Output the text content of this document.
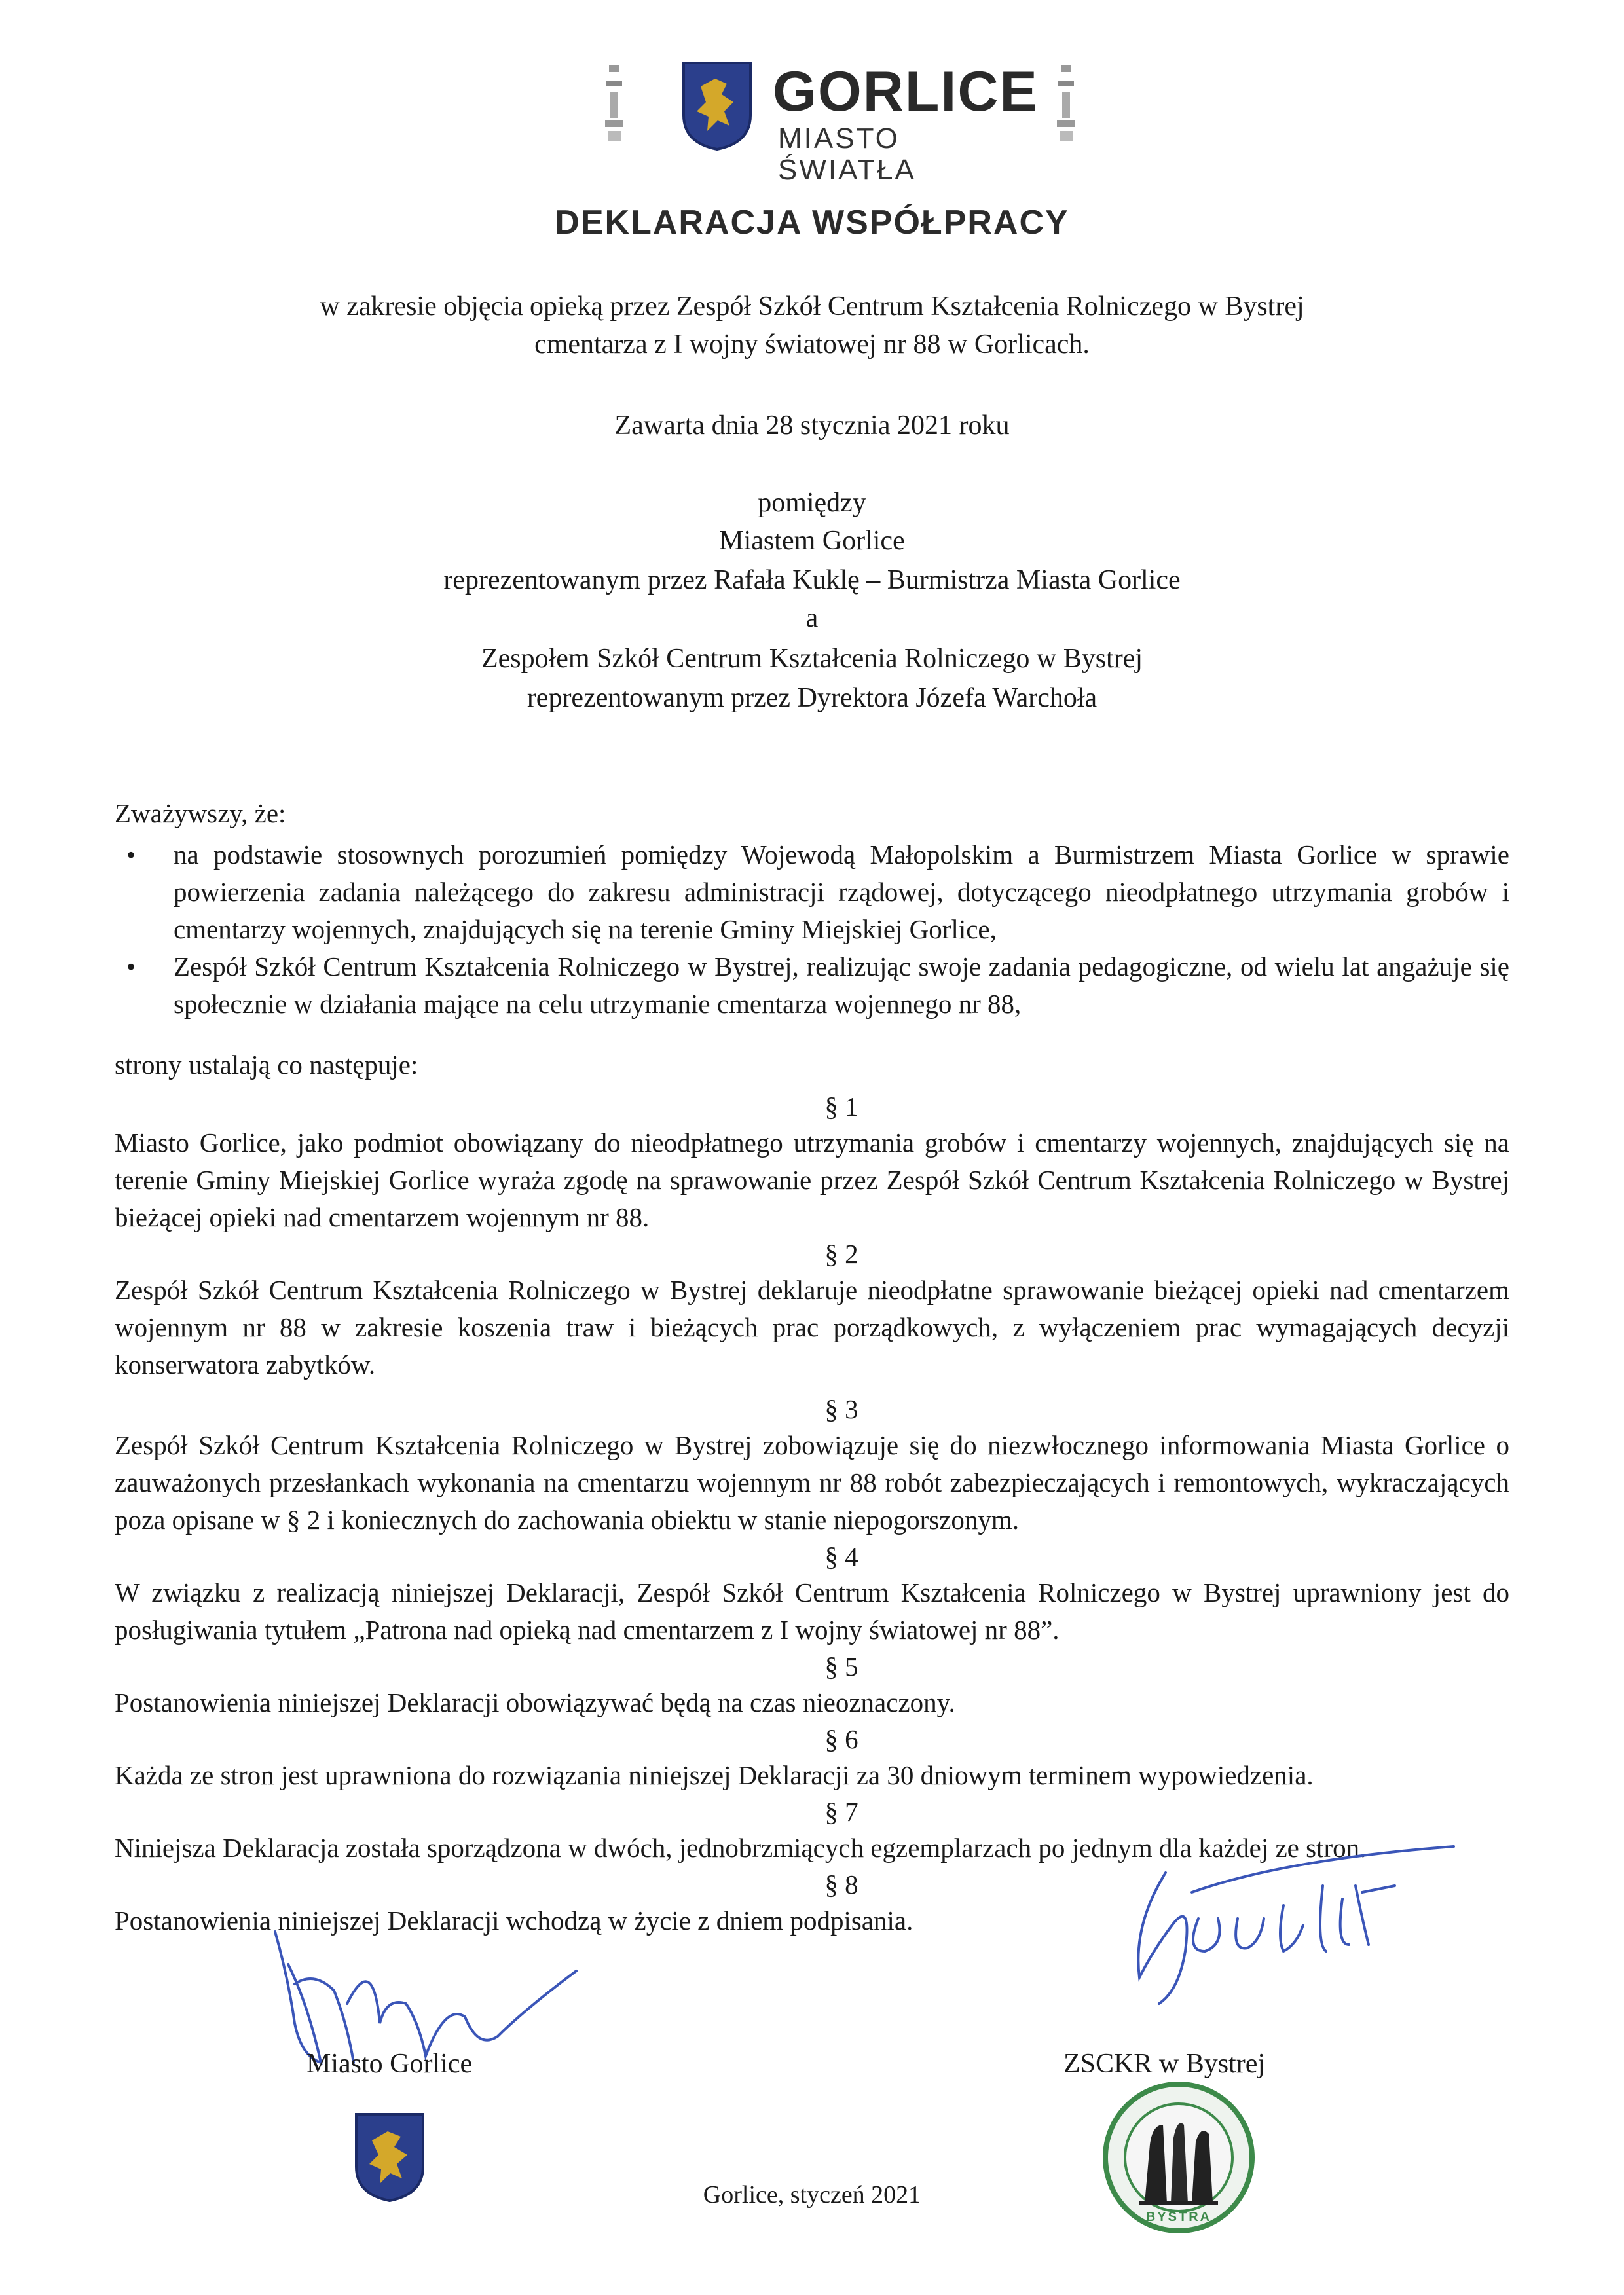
GORLICE
MIASTO ŚWIATŁA
DEKLARACJA WSPÓŁPRACY
w zakresie objęcia opieką przez Zespół Szkół Centrum Kształcenia Rolniczego w Bystrej
cmentarza z I wojny światowej nr 88 w Gorlicach.
Zawarta dnia 28 stycznia 2021 roku
pomiędzy
Miastem Gorlice
reprezentowanym przez Rafała Kuklę – Burmistrza Miasta Gorlice
a
Zespołem Szkół Centrum Kształcenia Rolniczego w Bystrej
reprezentowanym przez Dyrektora Józefa Warchoła
Zważywszy, że:
• na podstawie stosownych porozumień pomiędzy Wojewodą Małopolskim a Burmistrzem Miasta Gorlice w sprawie powierzenia zadania należącego do zakresu administracji rządowej, dotyczącego nieodpłatnego utrzymania grobów i cmentarzy wojennych, znajdujących się na terenie Gminy Miejskiej Gorlice,
• Zespół Szkół Centrum Kształcenia Rolniczego w Bystrej, realizując swoje zadania pedagogiczne, od wielu lat angażuje się społecznie w działania mające na celu utrzymanie cmentarza wojennego nr 88,
strony ustalają co następuje:
§ 1
Miasto Gorlice, jako podmiot obowiązany do nieodpłatnego utrzymania grobów i cmentarzy wojennych, znajdujących się na terenie Gminy Miejskiej Gorlice wyraża zgodę na sprawowanie przez Zespół Szkół Centrum Kształcenia Rolniczego w Bystrej bieżącej opieki nad cmentarzem wojennym nr 88.
§ 2
Zespół Szkół Centrum Kształcenia Rolniczego w Bystrej deklaruje nieodpłatne sprawowanie bieżącej opieki nad cmentarzem wojennym nr 88 w zakresie koszenia traw i bieżących prac porządkowych, z wyłączeniem prac wymagających decyzji konserwatora zabytków.
§ 3
Zespół Szkół Centrum Kształcenia Rolniczego w Bystrej zobowiązuje się do niezwłocznego informowania Miasta Gorlice o zauważonych przesłankach wykonania na cmentarzu wojennym nr 88 robót zabezpieczających i remontowych, wykraczających poza opisane w § 2 i koniecznych do zachowania obiektu w stanie niepogorszonym.
§ 4
W związku z realizacją niniejszej Deklaracji, Zespół Szkół Centrum Kształcenia Rolniczego w Bystrej uprawniony jest do posługiwania tytułem „Patrona nad opieką nad cmentarzem z I wojny światowej nr 88”.
§ 5
Postanowienia niniejszej Deklaracji obowiązywać będą na czas nieoznaczony.
§ 6
Każda ze stron jest uprawniona do rozwiązania niniejszej Deklaracji za 30 dniowym terminem wypowiedzenia.
§ 7
Niniejsza Deklaracja została sporządzona w dwóch, jednobrzmiących egzemplarzach po jednym dla każdej ze stron.
§ 8
Postanowienia niniejszej Deklaracji wchodzą w życie z dniem podpisania.
Miasto Gorlice	ZSCKR w Bystrej
BYSTRA
Gorlice, styczeń 2021
